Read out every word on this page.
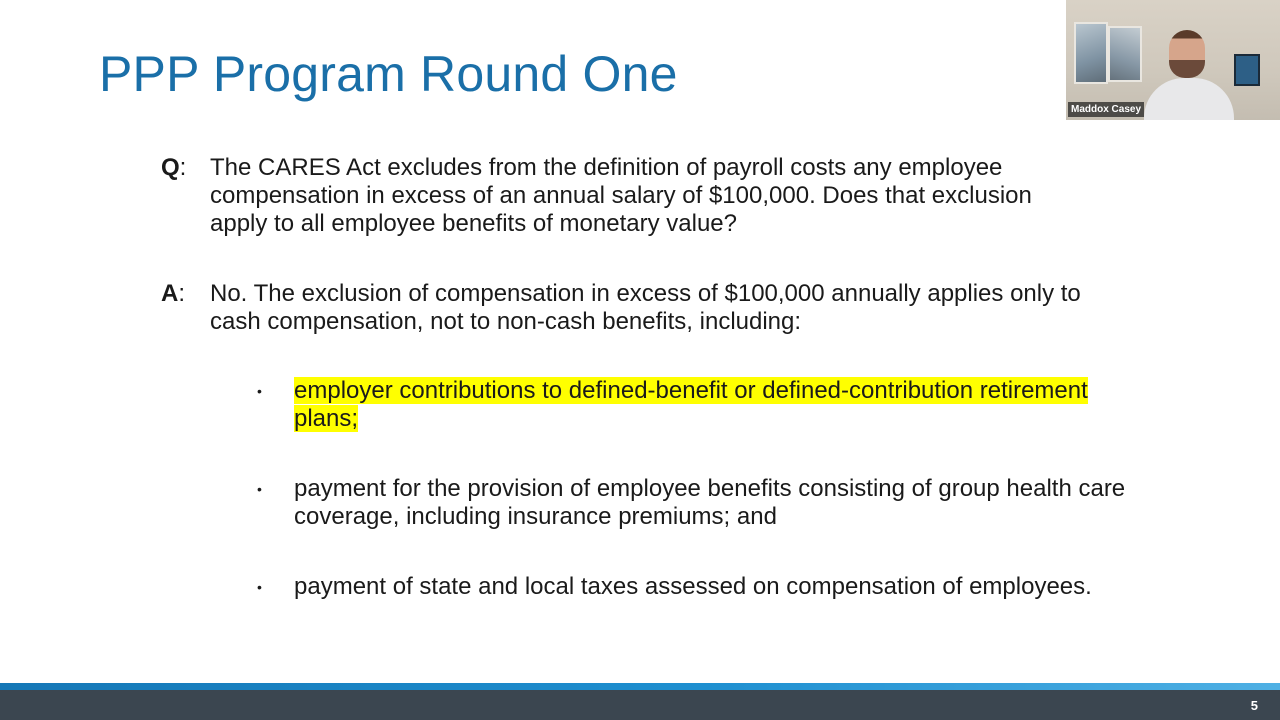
PPP Program Round One
Q: The CARES Act excludes from the definition of payroll costs any employee compensation in excess of an annual salary of $100,000. Does that exclusion apply to all employee benefits of monetary value?
A:	No. The exclusion of compensation in excess of $100,000 annually applies only to cash compensation, not to non-cash benefits, including:
• employer contributions to defined-benefit or defined-contribution retirement plans;
• payment for the provision of employee benefits consisting of group health care coverage, including insurance premiums; and
• payment of state and local taxes assessed on compensation of employees.
Maddox Casey
5
